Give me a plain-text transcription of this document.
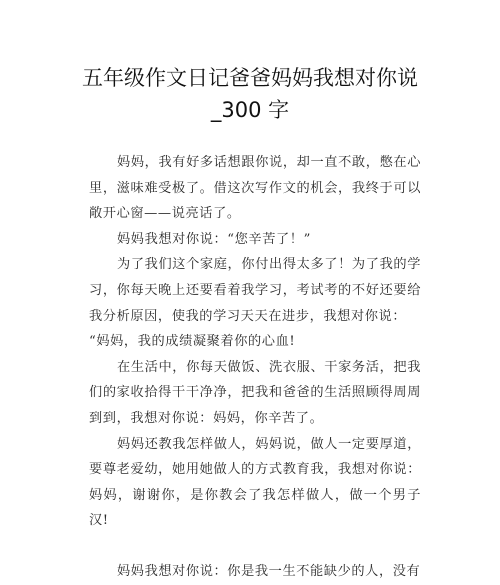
五年级作文日记爸爸妈妈我想对你说
_300 字

妈妈，我有好多话想跟你说，却一直不敢，憋在心里，滋味难受极了。借这次写作文的机会，我终于可以敞开心窗——说亮话了。

妈妈我想对你说：“您辛苦了！”

为了我们这个家庭，你付出得太多了！为了我的学习，你每天晚上还要看着我学习，考试考的不好还要给我分析原因，使我的学习天天在进步，我想对你说：

“妈妈，我的成绩凝聚着你的心血!

在生活中，你每天做饭、洗衣服、干家务活，把我们的家收拾得干干净净，把我和爸爸的生活照顾得周周到到，我想对你说：妈妈，你辛苦了。

妈妈还教我怎样做人，妈妈说，做人一定要厚道，要尊老爱幼，她用她做人的方式教育我，我想对你说：妈妈，谢谢你，是你教会了我怎样做人，做一个男子汉!

妈妈我想对你说：你是我一生不能缺少的人，没有
